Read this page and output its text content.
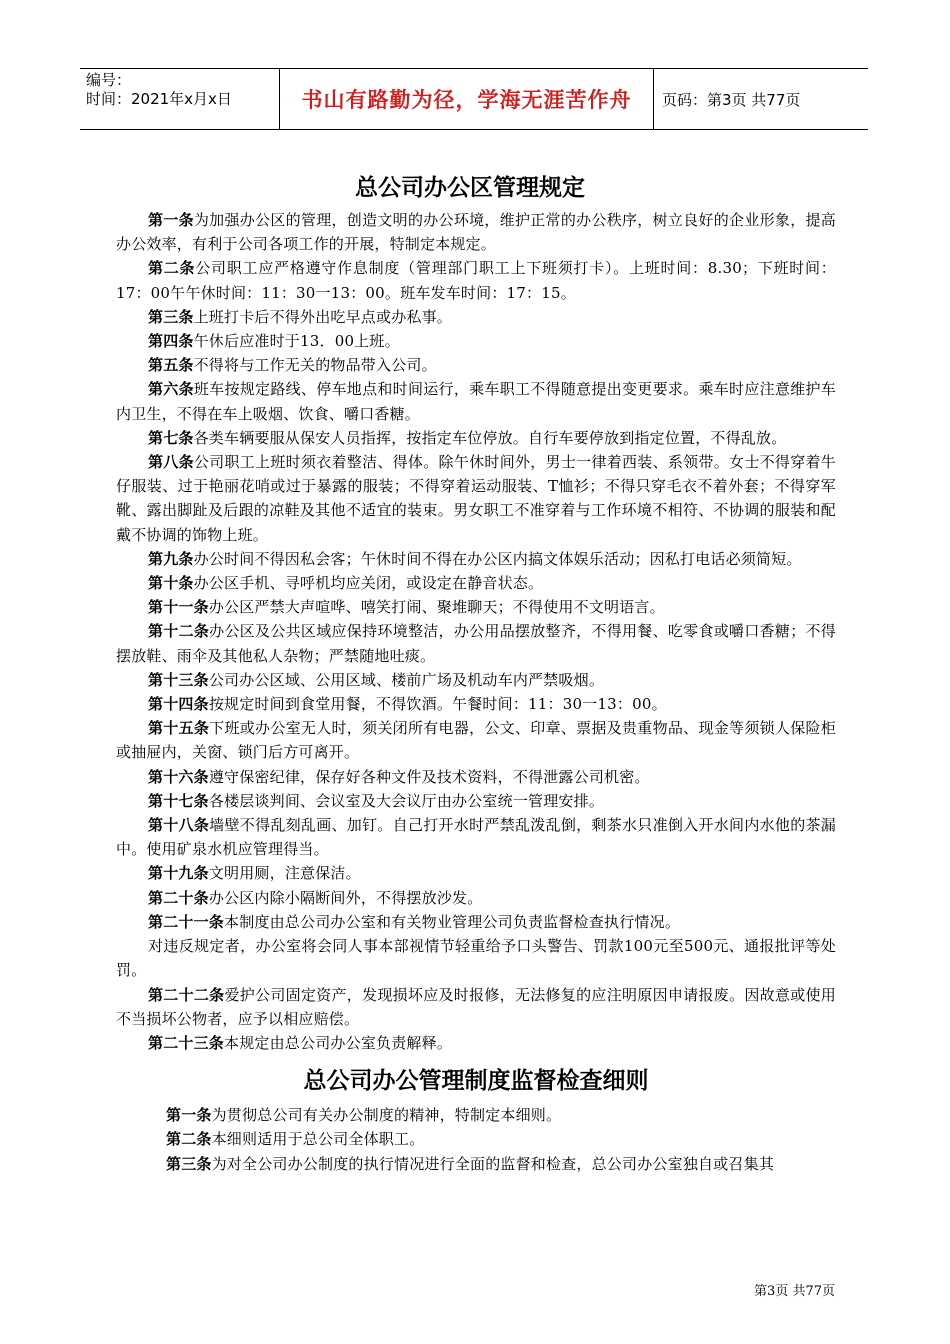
编号：
时间：2021年x月x日	书山有路勤为径，学海无涯苦作舟	页码：第3页 共77页
总公司办公区管理规定

第一条为加强办公区的管理，创造文明的办公环境，维护正常的办公秩序，树立良好的企业形象，提高办公效率，有利于公司各项工作的开展，特制定本规定。

第二条公司职工应严格遵守作息制度（管理部门职工上下班须打卡）。上班时间：8.30；下班时间：17：00午午休时间：11：30一13：00。班车发车时间：17：15。

第三条上班打卡后不得外出吃早点或办私事。

第四条午休后应准时于13．00上班。

第五条不得将与工作无关的物品带入公司。

第六条班车按规定路线、停车地点和时间运行，乘车职工不得随意提出变更要求。乘车时应注意维护车内卫生，不得在车上吸烟、饮食、嚼口香糖。

第七条各类车辆要服从保安人员指挥，按指定车位停放。自行车要停放到指定位置，不得乱放。

第八条公司职工上班时须衣着整洁、得体。除午休时间外，男士一律着西装、系领带。女士不得穿着牛仔服装、过于艳丽花哨或过于暴露的服装；不得穿着运动服装、T恤衫；不得只穿毛衣不着外套；不得穿军靴、露出脚趾及后跟的凉鞋及其他不适宜的装束。男女职工不准穿着与工作环境不相符、不协调的服装和配戴不协调的饰物上班。

第九条办公时间不得因私会客；午休时间不得在办公区内搞文体娱乐活动；因私打电话必须简短。

第十条办公区手机、寻呼机均应关闭，或设定在静音状态。

第十一条办公区严禁大声喧哗、嘻笑打闹、聚堆聊天；不得使用不文明语言。

第十二条办公区及公共区域应保持环境整洁，办公用品摆放整齐，不得用餐、吃零食或嚼口香糖；不得摆放鞋、雨伞及其他私人杂物；严禁随地吐痰。

第十三条公司办公区域、公用区域、楼前广场及机动车内严禁吸烟。

第十四条按规定时间到食堂用餐，不得饮酒。午餐时间：11：30一13：00。

第十五条下班或办公室无人时，须关闭所有电器，公文、印章、票据及贵重物品、现金等须锁人保险柜或抽屉内，关窗、锁门后方可离开。

第十六条遵守保密纪律，保存好各种文件及技术资料，不得泄露公司机密。

第十七条各楼层谈判间、会议室及大会议厅由办公室统一管理安排。

第十八条墙壁不得乱刻乱画、加钉。自己打开水时严禁乱泼乱倒，剩茶水只准倒入开水间内水他的茶漏中。使用矿泉水机应管理得当。

第十九条文明用厕，注意保洁。

第二十条办公区内除小隔断间外，不得摆放沙发。

第二十一条本制度由总公司办公室和有关物业管理公司负责监督检查执行情况。

对违反规定者，办公室将会同人事本部视情节轻重给予口头警告、罚款100元至500元、通报批评等处罚。

第二十二条爱护公司固定资产，发现损坏应及时报修，无法修复的应注明原因申请报废。因故意或使用不当损坏公物者，应予以相应赔偿。

第二十三条本规定由总公司办公室负责解释。

总公司办公管理制度监督检查细则

第一条为贯彻总公司有关办公制度的精神，特制定本细则。

第二条本细则适用于总公司全体职工。

第三条为对全公司办公制度的执行情况进行全面的监督和检查，总公司办公室独自或召集其

第3页 共77页
